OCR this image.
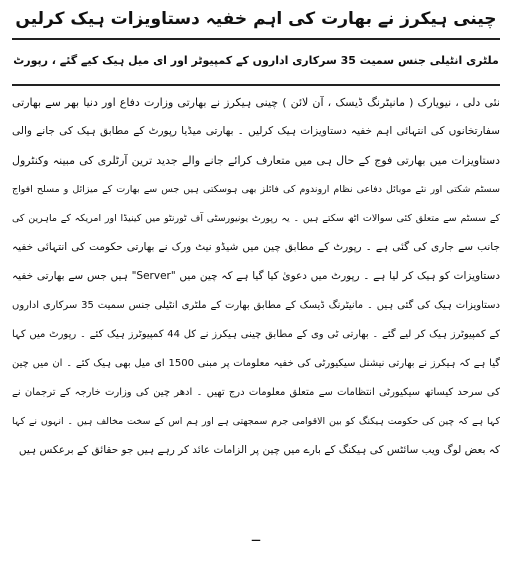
چینی ہیکرز نے بھارت کی اہم خفیہ دستاویزات ہیک کرلیں
ملٹری انٹیلی جنس سمیت 35 سرکاری اداروں کے کمپیوٹر اور ای میل ہیک کیے گئے ، رپورٹ
نئی دلی ، نیویارک ( مانیٹرنگ ڈیسک ، آن لائن ) چینی ہیکرز نے بھارتی وزارت دفاع اور دنیا بھر سے بھارتی
سفارتخانوں کی انتہائی اہم خفیہ دستاویزات ہیک کرلیں ۔ بھارتی میڈیا رپورٹ کے مطابق ہیک کی جانے والی
دستاویزات میں بھارتی فوج کے حال ہی میں متعارف کرائے جانے والے جدید ترین آرٹلری کی مبینہ وکنٹرول
سسٹم شکتی اور نئے موبائل دفاعی نظام اروندوم کی فائلز بھی ہوسکتی ہیں جس سے بھارت کے میزائل و مسلح افواج
کے سسٹم سے متعلق کئی سوالات اٹھ سکتے ہیں ۔ یہ رپورٹ یونیورسٹی آف ٹورنٹو میں کینیڈا اور امریکہ کے ماہرین کی
جانب سے جاری کی گئی ہے ۔ رپورٹ کے مطابق چین میں شیڈو نیٹ ورک نے بھارتی حکومت کی انتہائی خفیہ
دستاویزات کو ہیک کر لیا ہے ۔ رپورٹ میں دعویٰ کیا گیا ہے کہ چین میں "Server" ہیں جس سے بھارتی خفیہ
دستاویزات ہیک کی گئی ہیں ۔ مانیٹرنگ ڈیسک کے مطابق بھارت کے ملٹری انٹیلی جنس سمیت 35 سرکاری اداروں
کے کمپیوٹرز ہیک کر لیے گئے ۔ بھارتی ٹی وی کے مطابق چینی ہیکرز نے کل 44 کمپیوٹرز ہیک کئے ۔ رپورٹ میں کہا
گیا ہے کہ ہیکرز نے بھارتی نیشنل سیکیورٹی کی خفیہ معلومات پر مبنی 1500 ای میل بھی ہیک کئے ۔ ان میں چین
کی سرحد کیساتھ سیکیورٹی انتظامات سے متعلق معلومات درج تھیں ۔ ادھر چین کی وزارت خارجہ کے ترجمان نے
کہا ہے کہ چین کی حکومت ہیکنگ کو بین الاقوامی جرم سمجھتی ہے اور ہم اس کے سخت مخالف ہیں ۔ انہوں نے کہا
کہ بعض لوگ ویب سائٹس کی ہیکنگ کے بارے میں چین پر الزامات عائد کر رہے ہیں جو حقائق کے برعکس ہیں
ــ
